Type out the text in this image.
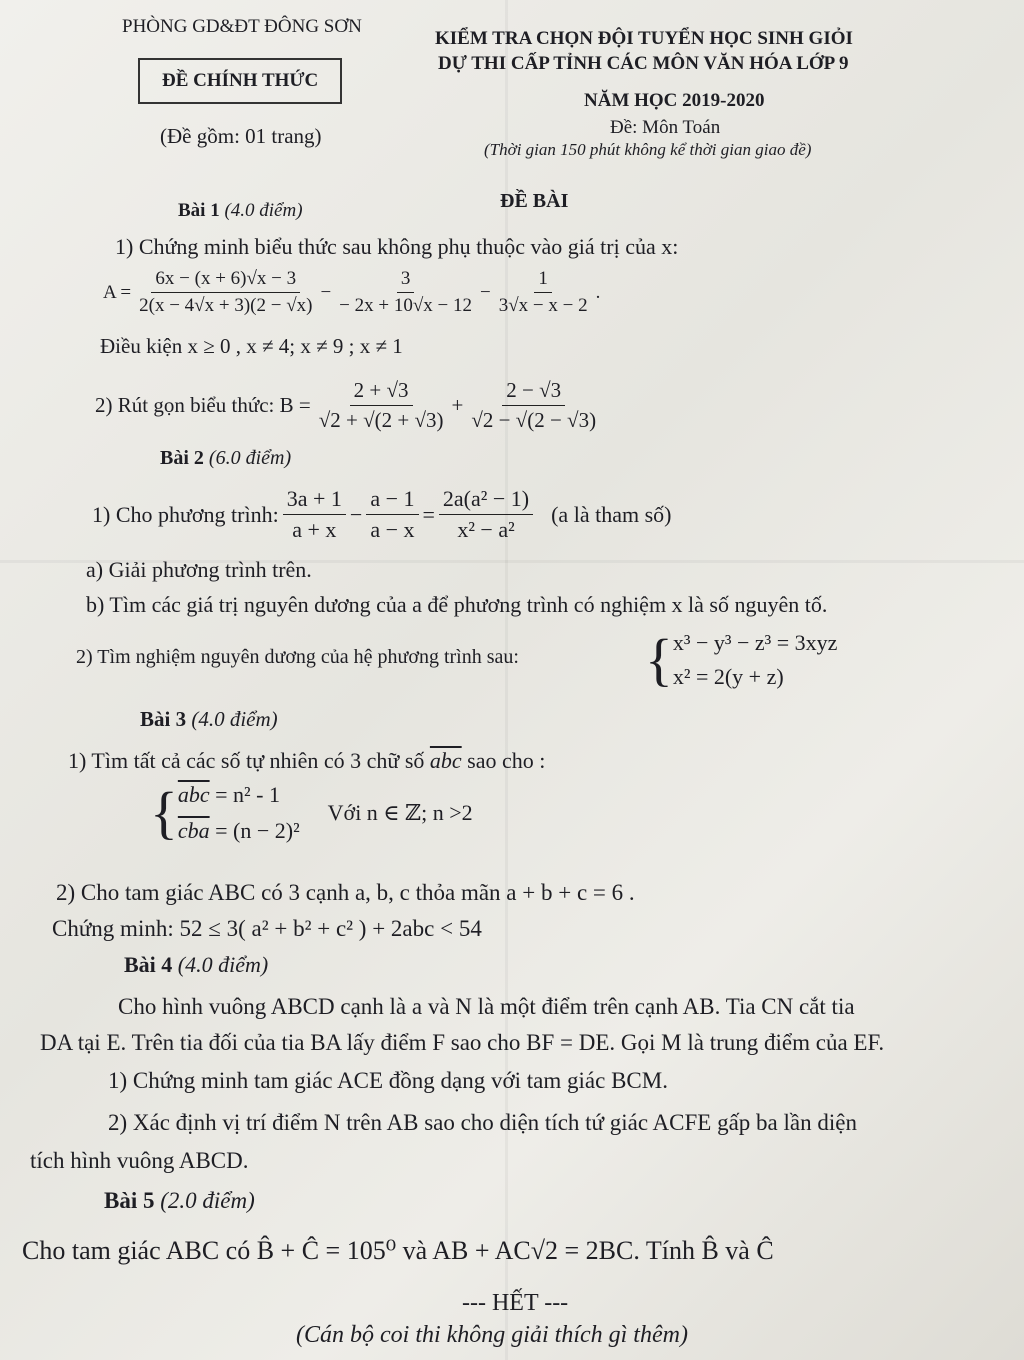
PHÒNG GD&ĐT ĐÔNG SƠN
ĐỀ CHÍNH THỨC
(Đề gồm: 01 trang)
KIỂM TRA CHỌN ĐỘI TUYỂN HỌC SINH GIỎI
DỰ THI CẤP TỈNH CÁC MÔN VĂN HÓA LỚP 9
NĂM HỌC 2019-2020
Đề: Môn Toán
(Thời gian 150 phút không kể thời gian giao đề)
ĐỀ BÀI
Bài 1 (4.0 điểm)
1) Chứng minh biểu thức sau không phụ thuộc vào giá trị của x:
$A = \frac{6x - (x + 6)√x - 3}{2(x - 4√x + 3)(2 - √x)} - \frac{3}{- 2x + 10√x - 12} - \frac{1}{3√x - x - 2}$ .
Điều kiện x ≥ 0 , x ≠ 4; x ≠ 9 ; x ≠ 1
2) Rút gọn biểu thức: $B = \frac{2 + √3}{√2 + √(2 + √3)} + \frac{2 - √3}{√2 - √(2 - √3)}$
Bài 2 (6.0 điểm)
1) Cho phương trình: $\frac{3a + 1}{a + x} - \frac{a - 1}{a - x} = \frac{\text{2a(a² − 1)}}{\text{x² − a²}} (a$ là tham số)
a) Giải phương trình trên.
b) Tìm các giá trị nguyên dương của a để phương trình có nghiệm x là số nguyên tố.
2) Tìm nghiệm nguyên dương của hệ phương trình sau: { x³ − y³ − z³ = 3xyz
x² = 2(y + z)
Bài 3 (4.0 điểm)
1) Tìm tất cả các số tự nhiên có 3 chữ số $\overline{abc}$ sao cho :
{ $\overline{abc} = n^2 - 1$
$\overline{cba} = (n - 2)^2$
Với n ∈ ℤ; n >2
2) Cho tam giác ABC có 3 cạnh a, b, c thỏa mãn a + b + c = 6 .
Chứng minh: 52 ≤ 3( a² + b² + c² ) + 2abc < 54
Bài 4 (4.0 điểm)
Cho hình vuông ABCD cạnh là a và N là một điểm trên cạnh AB. Tia CN cắt tia
DA tại E. Trên tia đối của tia BA lấy điểm F sao cho BF = DE. Gọi M là trung điểm của EF.
1) Chứng minh tam giác ACE đồng dạng với tam giác BCM.
2) Xác định vị trí điểm N trên AB sao cho diện tích tứ giác ACFE gấp ba lần diện
tích hình vuông ABCD.
Bài 5 (2.0 điểm)
Cho tam giác ABC có B̂ + Ĉ = 105⁰ và AB + AC√2 = 2BC. Tính B̂ và Ĉ
--- HẾT ---
(Cán bộ coi thi không giải thích gì thêm)
